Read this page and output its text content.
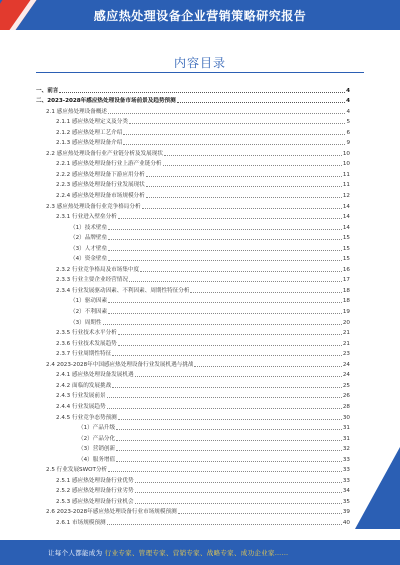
感应热处理设备企业营销策略研究报告
内容目录
一、前言	4
二、2023-2028年感应热处理设备市场前景及趋势预测	4
2.1 感应热处理设备概述	4
2.1.1 感应热处理定义及分类	5
2.1.2 感应热处理工艺介绍	6
2.1.3 感应热处理设备介绍	9
2.2 感应热处理设备行业产业链分析及发展现状	10
2.2.1 感应热处理设备行业上游产业链分析	10
2.2.2 感应热处理设备下游应用分析	11
2.2.3 感应热处理设备行业发展现状	11
2.2.4 感应热处理设备市场规模分析	12
2.3 感应热处理设备行业竞争格局分析	14
2.3.1 行业进入壁垒分析	14
（1）技术壁垒	14
（2）品牌壁垒	15
（3）人才壁垒	15
（4）资金壁垒	15
2.3.2 行业竞争格局及市场集中度	16
2.3.3 行业主要企业经营情况	17
2.3.4 行业发展驱动因素、不利因素、周期性特征分析	18
（1）驱动因素	18
（2）不利因素	19
（3）周期性	20
2.3.5 行业技术水平分析	21
2.3.6 行业技术发展趋势	21
2.3.7 行业周期性特征	23
2.4 2023-2028年中国感应热处理设备行业发展机遇与挑战	24
2.4.1 感应热处理设备发展机遇	24
2.4.2 面临的发展挑战	25
2.4.3 行业发展前景	26
2.4.4 行业发展趋势	28
2.4.5 行业竞争态势预测	30
（1）产品升级	31
（2）产品分化	31
（3）营销创新	32
（4）服务增值	33
2.5 行业发展SWOT分析	33
2.5.1 感应热处理设备行业优势	33
2.5.2 感应热处理设备行业劣势	34
2.5.3 感应热处理设备行业机会	35
2.6 2023-2028年感应热处理设备行业市场规模预测	39
2.6.1 市场规模预测	40
让每个人都能成为 行业专家、管理专家、营销专家、战略专家、成功企业家……
